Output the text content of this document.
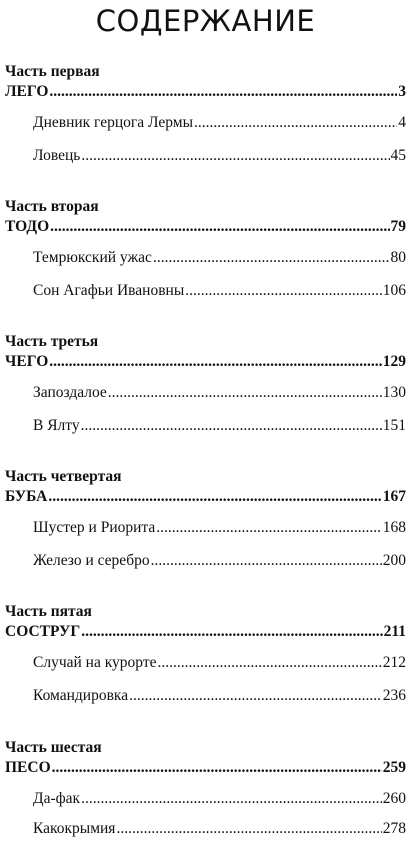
СОДЕРЖАНИЕ
Часть первая
ЛЕГО .....	3
Дневник герцога Лермы .....	4
Ловець .....	45
Часть вторая
ТОДО .....	79
Темрюкский ужас .....	80
Сон Агафьи Ивановны .....	106
Часть третья
ЧЕГО .....	129
Запоздалое .....	130
В Ялту .....	151
Часть четвертая
БУБА .....	167
Шустер и Риорита .....	168
Железо и серебро .....	200
Часть пятая
СОСТРУГ .....	211
Случай на курорте .....	212
Командировка .....	236
Часть шестая
ПЕСО .....	259
Да-фак .....	260
Какокрымия .....	278
